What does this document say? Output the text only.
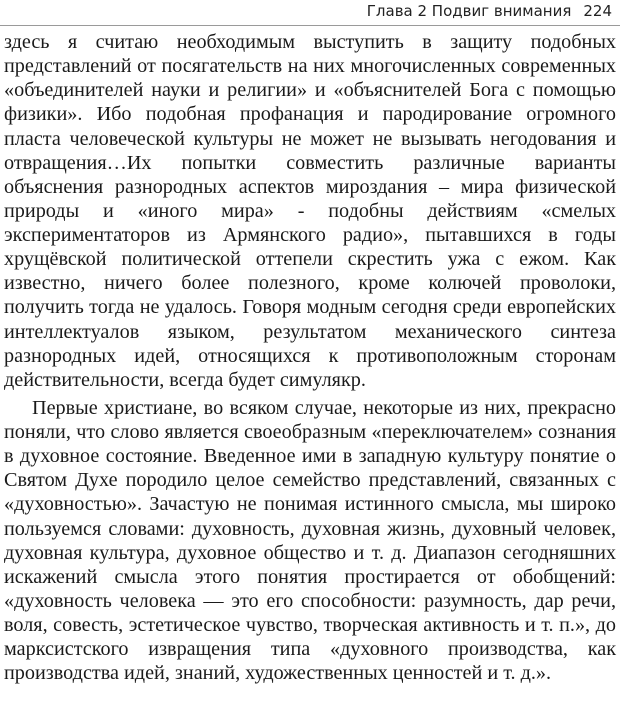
Глава 2 Подвиг внимания 224

здесь я считаю необходимым выступить в защиту подобных представлений от посягательств на них многочисленных современных «объединителей науки и религии» и «объяснителей Бога с помощью физики». Ибо подобная профанация и пародирование огромного пласта человеческой культуры не может не вызывать негодования и отвращения…Их попытки совместить различные варианты объяснения разнородных аспектов мироздания – мира физической природы и «иного мира» - подобны действиям «смелых экспериментаторов из Армянского радио», пытавшихся в годы хрущёвской политической оттепели скрестить ужа с ежом. Как известно, ничего более полезного, кроме колючей проволоки, получить тогда не удалось. Говоря модным сегодня среди европейских интеллектуалов языком, результатом механического синтеза разнородных идей, относящихся к противоположным сторонам действительности, всегда будет симулякр.

Первые христиане, во всяком случае, некоторые из них, прекрасно поняли, что слово является своеобразным «переключателем» сознания в духовное состояние. Введенное ими в западную культуру понятие о Святом Духе породило целое семейство представлений, связанных с «духовностью». Зачастую не понимая истинного смысла, мы широко пользуемся словами: духовность, духовная жизнь, духовный человек, духовная культура, духовное общество и т. д. Диапазон сегодняшних искажений смысла этого понятия простирается от обобщений: «духовность человека — это его способности: разумность, дар речи, воля, совесть, эстетическое чувство, творческая активность и т. п.», до марксистского извращения типа «духовного производства, как производства идей, знаний, художественных ценностей и т. д.».
